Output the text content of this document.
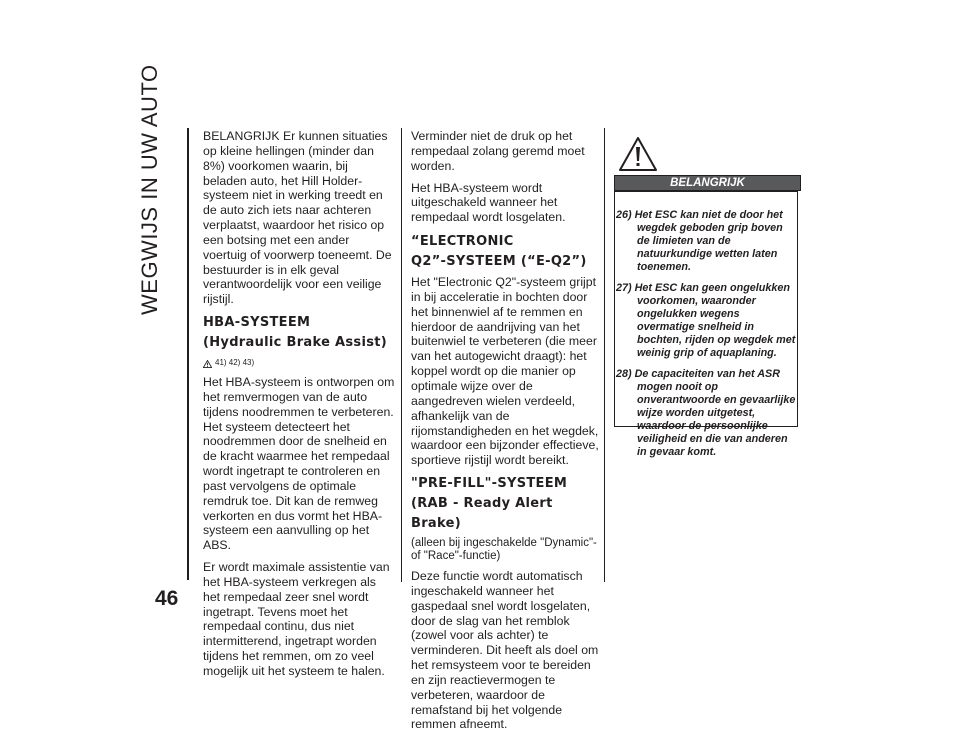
WEGWIJS IN UW AUTO
46

BELANGRIJK Er kunnen situaties op kleine hellingen (minder dan 8%) voorkomen waarin, bij beladen auto, het Hill Holder-systeem niet in werking treedt en de auto zich iets naar achteren verplaatst, waardoor het risico op een botsing met een ander voertuig of voorwerp toeneemt. De bestuurder is in elk geval verantwoordelijk voor een veilige rijstijl.

HBA-SYSTEEM

(Hydraulic Brake Assist)

41) 42) 43)

Het HBA-systeem is ontworpen om het remvermogen van de auto tijdens noodremmen te verbeteren. Het systeem detecteert het noodremmen door de snelheid en de kracht waarmee het rempedaal wordt ingetrapt te controleren en past vervolgens de optimale remdruk toe. Dit kan de remweg verkorten en dus vormt het HBA-systeem een aanvulling op het ABS.

Er wordt maximale assistentie van het HBA-systeem verkregen als het rempedaal zeer snel wordt ingetrapt. Tevens moet het rempedaal continu, dus niet intermitterend, ingetrapt worden tijdens het remmen, om zo veel mogelijk uit het systeem te halen.

Verminder niet de druk op het rempedaal zolang geremd moet worden.

Het HBA-systeem wordt uitgeschakeld wanneer het rempedaal wordt losgelaten.

“ELECTRONIC

Q2”-SYSTEEM (“E-Q2”)

Het "Electronic Q2"-systeem grijpt in bij acceleratie in bochten door het binnenwiel af te remmen en hierdoor de aandrijving van het buitenwiel te verbeteren (die meer van het autogewicht draagt): het koppel wordt op die manier op optimale wijze over de aangedreven wielen verdeeld, afhankelijk van de rijomstandigheden en het wegdek, waardoor een bijzonder effectieve, sportieve rijstijl wordt bereikt.

"PRE-FILL"-SYSTEEM

(RAB - Ready Alert

Brake)

(alleen bij ingeschakelde "Dynamic"- of "Race"-functie)

Deze functie wordt automatisch ingeschakeld wanneer het gaspedaal snel wordt losgelaten, door de slag van het remblok (zowel voor als achter) te verminderen. Dit heeft als doel om het remsysteem voor te bereiden en zijn reactievermogen te verbeteren, waardoor de remafstand bij het volgende remmen afneemt.

BELANGRIJK
26) Het ESC kan niet de door het wegdek geboden grip boven de limieten van de natuurkundige wetten laten toenemen.
27) Het ESC kan geen ongelukken voorkomen, waaronder ongelukken wegens overmatige snelheid in bochten, rijden op wegdek met weinig grip of aquaplaning.
28) De capaciteiten van het ASR mogen nooit op onverantwoorde en gevaarlijke wijze worden uitgetest, waardoor de persoonlijke veiligheid en die van anderen in gevaar komt.
